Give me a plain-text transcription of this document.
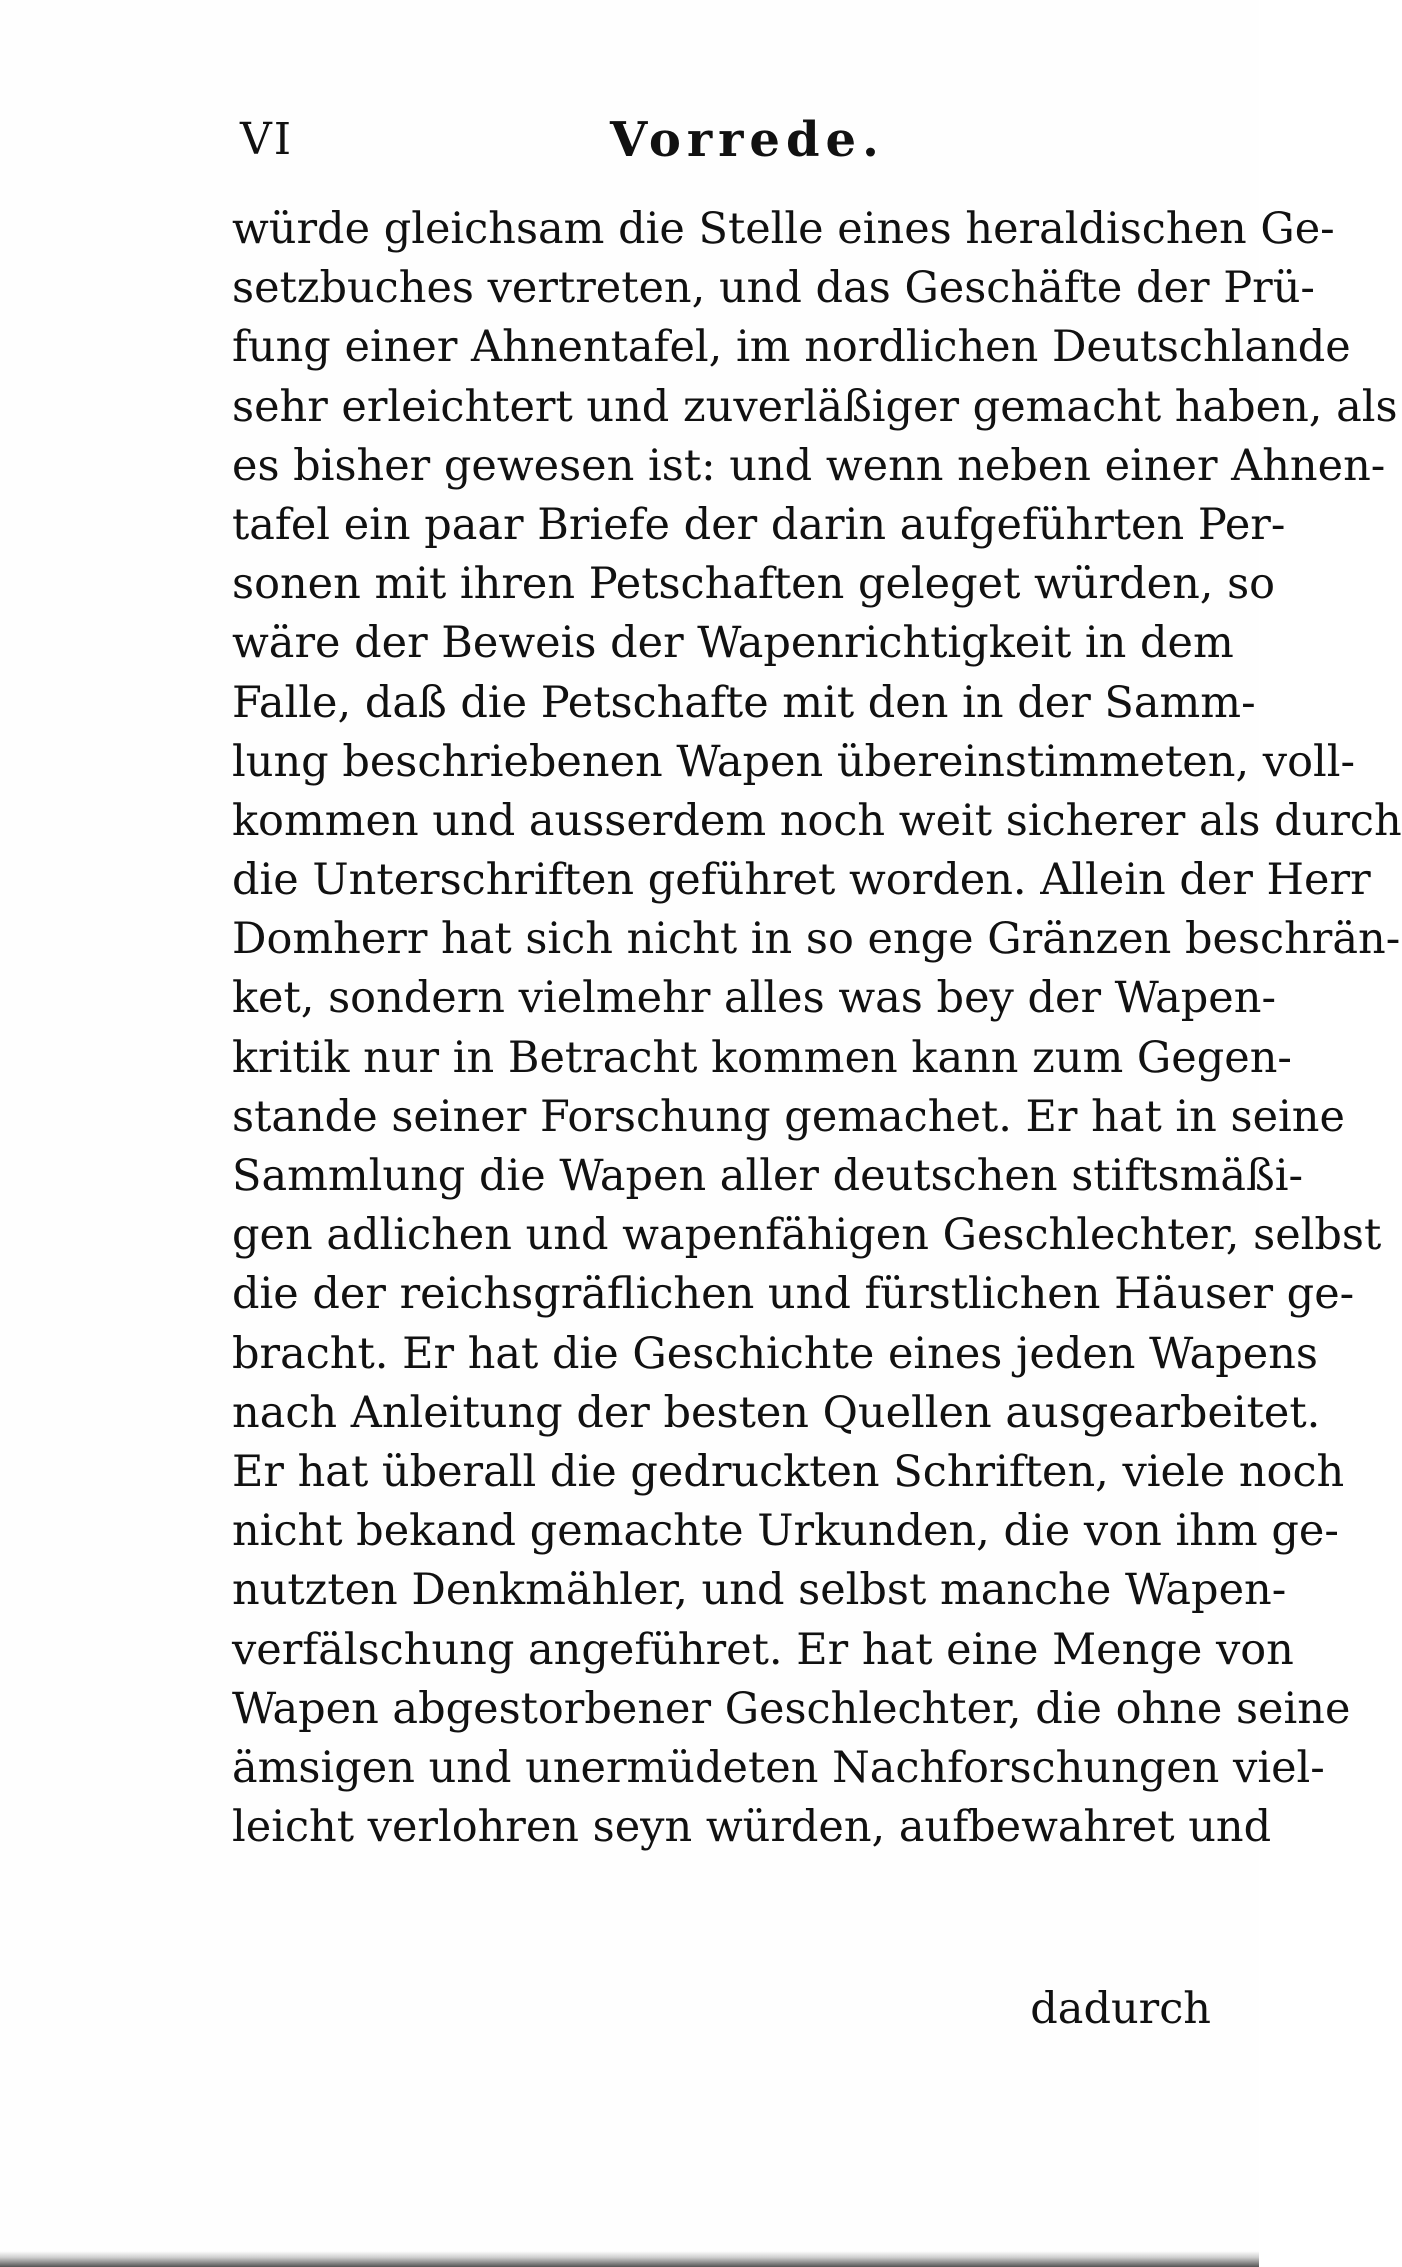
VI	Vorrede.
würde gleichsam die Stelle eines heraldischen Ge-
setzbuches vertreten, und das Geschäfte der Prü-
fung einer Ahnentafel, im nordlichen Deutschlande
sehr erleichtert und zuverläßiger gemacht haben, als
es bisher gewesen ist: und wenn neben einer Ahnen-
tafel ein paar Briefe der darin aufgeführten Per-
sonen mit ihren Petschaften geleget würden, so
wäre der Beweis der Wapenrichtigkeit in dem
Falle, daß die Petschafte mit den in der Samm-
lung beschriebenen Wapen übereinstimmeten, voll-
kommen und ausserdem noch weit sicherer als durch
die Unterschriften geführet worden. Allein der Herr
Domherr hat sich nicht in so enge Gränzen beschrän-
ket, sondern vielmehr alles was bey der Wapen-
kritik nur in Betracht kommen kann zum Gegen-
stande seiner Forschung gemachet. Er hat in seine
Sammlung die Wapen aller deutschen stiftsmäßi-
gen adlichen und wapenfähigen Geschlechter, selbst
die der reichsgräflichen und fürstlichen Häuser ge-
bracht. Er hat die Geschichte eines jeden Wapens
nach Anleitung der besten Quellen ausgearbeitet.
Er hat überall die gedruckten Schriften, viele noch
nicht bekand gemachte Urkunden, die von ihm ge-
nutzten Denkmähler, und selbst manche Wapen-
verfälschung angeführet. Er hat eine Menge von
Wapen abgestorbener Geschlechter, die ohne seine
ämsigen und unermüdeten Nachforschungen viel-
leicht verlohren seyn würden, aufbewahret und
dadurch
